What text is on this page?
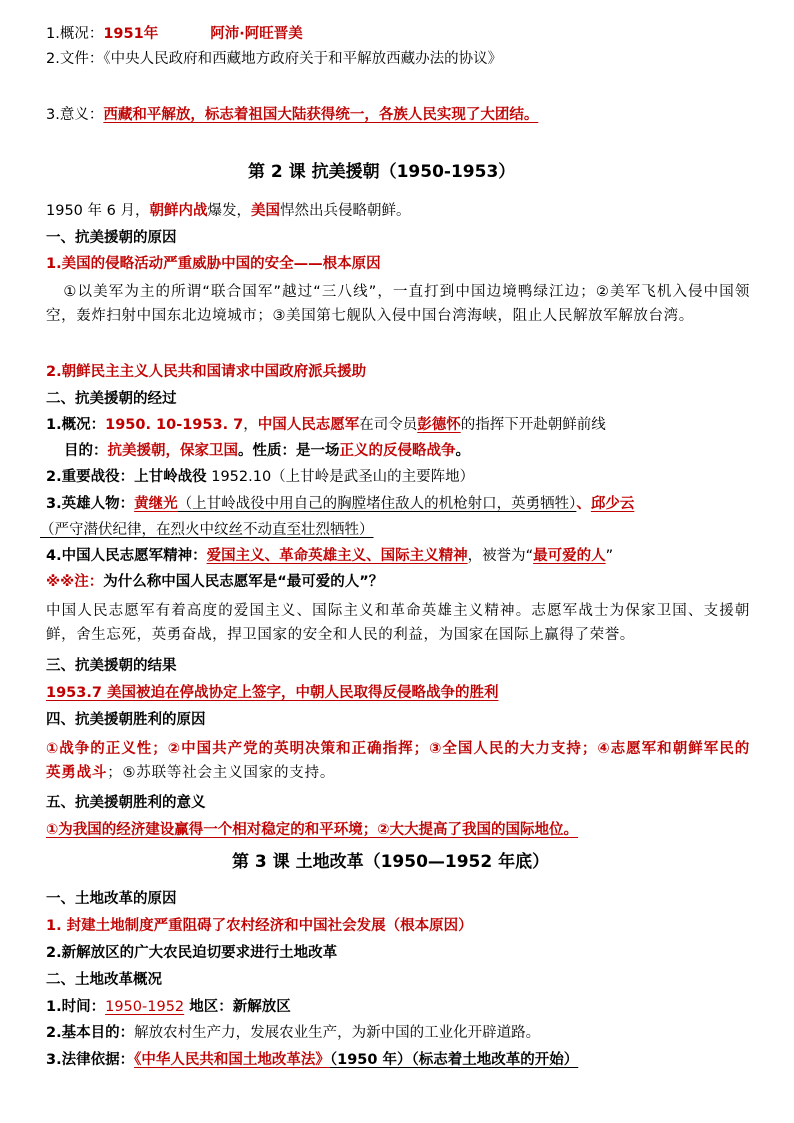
1.概况：1951年	阿沛·阿旺晋美
2.文件：《中央人民政府和西藏地方政府关于和平解放西藏办法的协议》
3.意义：西藏和平解放，标志着祖国大陆获得统一，各族人民实现了大团结。
第 2 课 抗美援朝（1950-1953）
1950 年 6 月，朝鲜内战爆发，美国悍然出兵侵略朝鲜。
一、抗美援朝的原因
1.美国的侵略活动严重威胁中国的安全——根本原因
①以美军为主的所谓“联合国军”越过“三八线”，一直打到中国边境鸭绿江边；②美军飞机入侵中国领空，轰炸扫射中国东北边境城市；③美国第七舰队入侵中国台湾海峡，阻止人民解放军解放台湾。
2.朝鲜民主主义人民共和国请求中国政府派兵援助
二、抗美援朝的经过
1.概况：1950. 10-1953. 7，中国人民志愿军在司令员彭德怀的指挥下开赴朝鲜前线
目的：抗美援朝，保家卫国。性质：是一场正义的反侵略战争。
2.重要战役：上甘岭战役 1952.10（上甘岭是武圣山的主要阵地）
3.英雄人物：黄继光（上甘岭战役中用自己的胸膛堵住敌人的机枪射口，英勇牺牲）、邱少云
（严守潜伏纪律，在烈火中纹丝不动直至壮烈牺牲）
4.中国人民志愿军精神：爱国主义、革命英雄主义、国际主义精神，被誉为“最可爱的人”
※※注：为什么称中国人民志愿军是“最可爱的人”？
中国人民志愿军有着高度的爱国主义、国际主义和革命英雄主义精神。志愿军战士为保家卫国、支援朝鲜，舍生忘死，英勇奋战，捍卫国家的安全和人民的利益，为国家在国际上赢得了荣誉。
三、抗美援朝的结果
1953.7 美国被迫在停战协定上签字，中朝人民取得反侵略战争的胜利
四、抗美援朝胜利的原因
①战争的正义性；②中国共产党的英明决策和正确指挥；③全国人民的大力支持；④志愿军和朝鲜军民的英勇战斗；⑤苏联等社会主义国家的支持。
五、抗美援朝胜利的意义
①为我国的经济建设赢得一个相对稳定的和平环境；②大大提高了我国的国际地位。
第 3 课 土地改革（1950—1952 年底）
一、土地改革的原因
1. 封建土地制度严重阻碍了农村经济和中国社会发展（根本原因）
2.新解放区的广大农民迫切要求进行土地改革
二、土地改革概况
1.时间：1950-1952 地区：新解放区
2.基本目的：解放农村生产力，发展农业生产，为新中国的工业化开辟道路。
3.法律依据：《中华人民共和国土地改革法》（1950 年）（标志着土地改革的开始）
